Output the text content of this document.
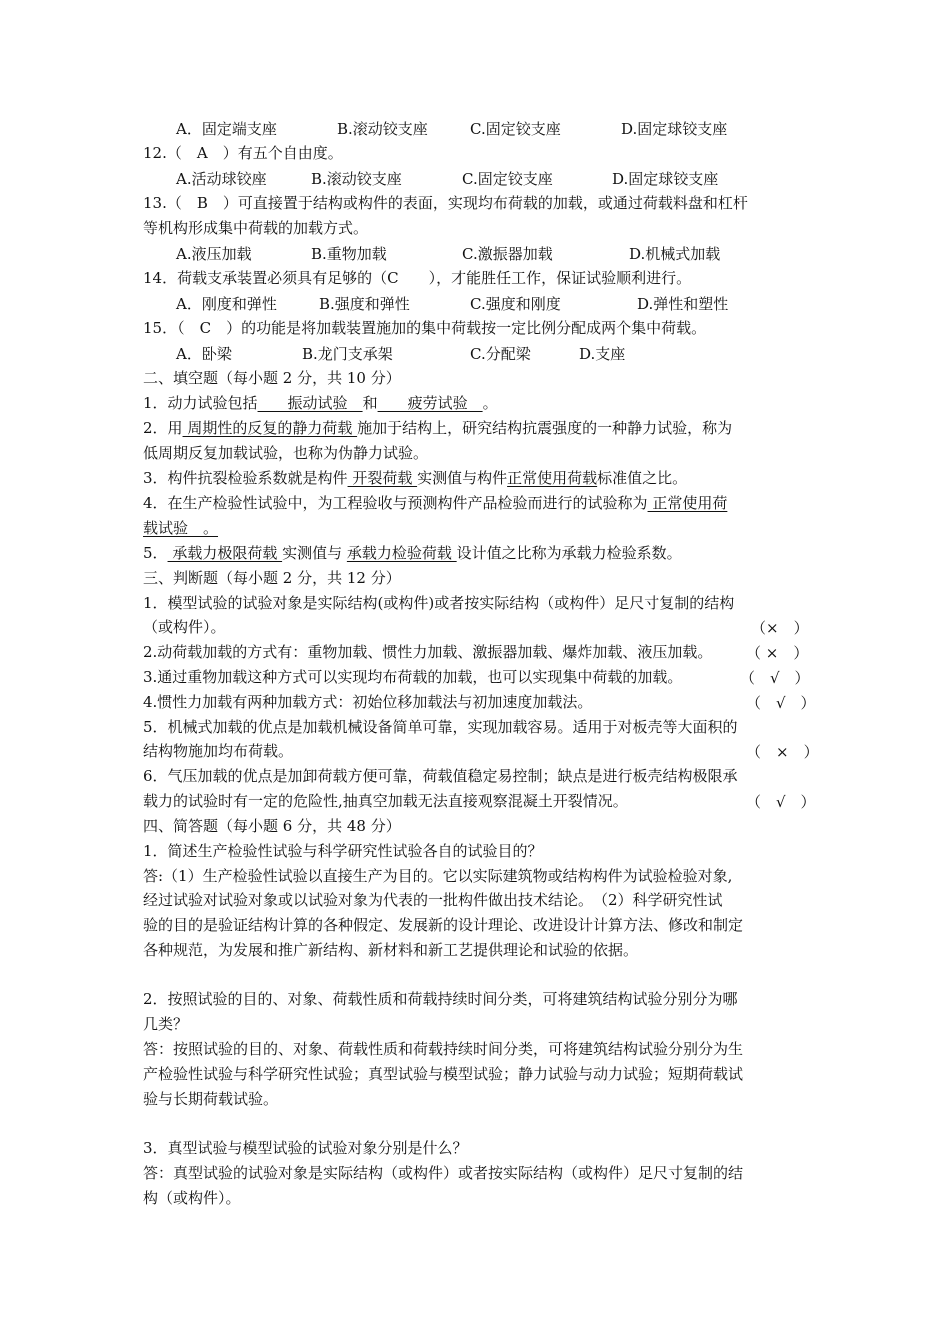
A．固定端支座	B.滚动铰支座	C.固定铰支座	D.固定球铰支座
12.（　A　）有五个自由度。
A.活动球铰座	B.滚动铰支座	C.固定铰支座	D.固定球铰支座
13.（　B　）可直接置于结构或构件的表面，实现均布荷载的加载，或通过荷载料盘和杠杆
等机构形成集中荷载的加载方式。
A.液压加载	B.重物加载	C.激振器加载	D.机械式加载
14．荷载支承装置必须具有足够的（C　　），才能胜任工作，保证试验顺利进行。
A．刚度和弹性	B.强度和弹性	C.强度和刚度	D.弹性和塑性
15．（　C　）的功能是将加载装置施加的集中荷载按一定比例分配成两个集中荷载。
A．卧梁	B.龙门支承架	C.分配梁	D.支座
二、填空题（每小题 2 分，共 10 分）
1．动力试验包括　　振动试验　和　　疲劳试验　。
2．用 周期性的反复的静力荷载 施加于结构上，研究结构抗震强度的一种静力试验，称为
低周期反复加载试验，也称为伪静力试验。
3．构件抗裂检验系数就是构件 开裂荷载 实测值与构件正常使用荷载标准值之比。
4．在生产检验性试验中，为工程验收与预测构件产品检验而进行的试验称为 正常使用荷
载试验　。
5． 承载力极限荷载 实测值与 承载力检验荷载 设计值之比称为承载力检验系数。
三、判断题（每小题 2 分，共 12 分）
1．模型试验的试验对象是实际结构(或构件)或者按实际结构（或构件）足尺寸复制的结构
（或构件）。	（×　）
2.动荷载加载的方式有：重物加载、惯性力加载、激振器加载、爆炸加载、液压加载。 （ ×　）
3.通过重物加载这种方式可以实现均布荷载的加载，也可以实现集中荷载的加载。	（　√　）
4.惯性力加载有两种加载方式：初始位移加载法与初加速度加载法。	（　√　）
5．机械式加载的优点是加载机械设备简单可靠，实现加载容易。适用于对板壳等大面积的
结构物施加均布荷载。	（　×　）
6．气压加载的优点是加卸荷载方便可靠，荷载值稳定易控制；缺点是进行板壳结构极限承
载力的试验时有一定的危险性,抽真空加载无法直接观察混凝土开裂情况。	（　√　）
四、简答题（每小题 6 分，共 48 分）
1．简述生产检验性试验与科学研究性试验各自的试验目的？
答:（1）生产检验性试验以直接生产为目的。它以实际建筑物或结构构件为试验检验对象,
经过试验对试验对象或以试验对象为代表的一批构件做出技术结论。　（2）科学研究性试
验的目的是验证结构计算的各种假定、发展新的设计理论、改进设计计算方法、修改和制定
各种规范，为发展和推广新结构、新材料和新工艺提供理论和试验的依据。
2．按照试验的目的、对象、荷载性质和荷载持续时间分类，可将建筑结构试验分别分为哪
几类？
答：按照试验的目的、对象、荷载性质和荷载持续时间分类，可将建筑结构试验分别分为生
产检验性试验与科学研究性试验；真型试验与模型试验；静力试验与动力试验；短期荷载试
验与长期荷载试验。
3．真型试验与模型试验的试验对象分别是什么？
答：真型试验的试验对象是实际结构（或构件）或者按实际结构（或构件）足尺寸复制的结
构（或构件）。
